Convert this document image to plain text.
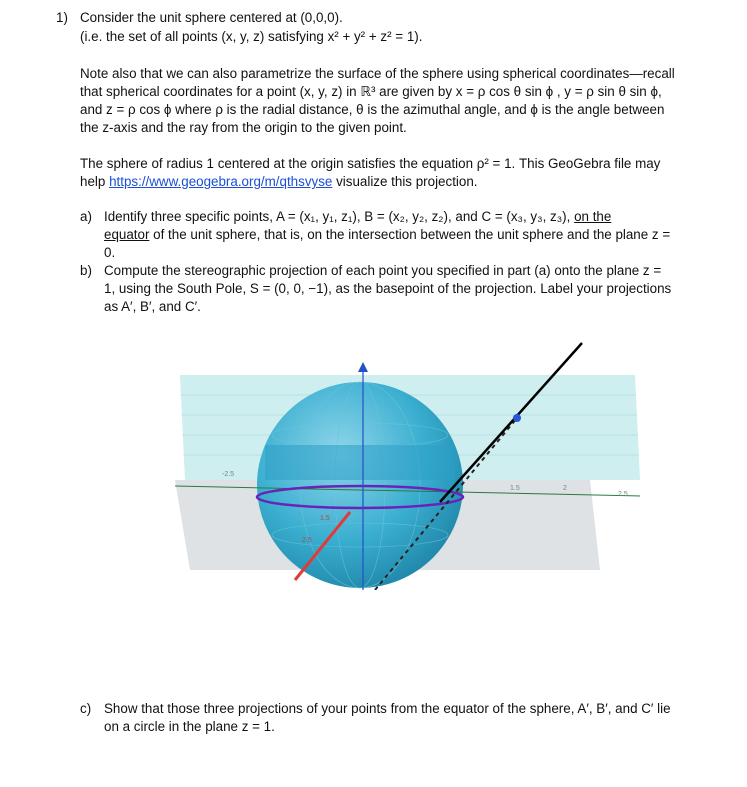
1) Consider the unit sphere centered at (0,0,0).
(i.e. the set of all points (x, y, z) satisfying x² + y² + z² = 1).
Note also that we can also parametrize the surface of the sphere using spherical coordinates—recall
that spherical coordinates for a point (x, y, z) in ℝ³ are given by x = ρ cos θ sin ϕ , y = ρ sin θ sin ϕ,
and z = ρ cos ϕ where ρ is the radial distance, θ is the azimuthal angle, and ϕ is the angle between
the z-axis and the ray from the origin to the given point.
The sphere of radius 1 centered at the origin satisfies the equation ρ² = 1. This GeoGebra file may
help https://www.geogebra.org/m/qthsvyse visualize this projection.
a) Identify three specific points, A = (x₁, y₁, z₁), B = (x₂, y₂, z₂), and C = (x₃, y₃, z₃), on the
equator of the unit sphere, that is, on the intersection between the unit sphere and the plane z =
0.
b) Compute the stereographic projection of each point you specified in part (a) onto the plane z =
1, using the South Pole, S = (0, 0, −1), as the basepoint of the projection. Label your projections
as A′, B′, and C′.
-2.5
1.5	2
2.5
1.5
2.5
c) Show that those three projections of your points from the equator of the sphere, A′, B′, and C′ lie
on a circle in the plane z = 1.
